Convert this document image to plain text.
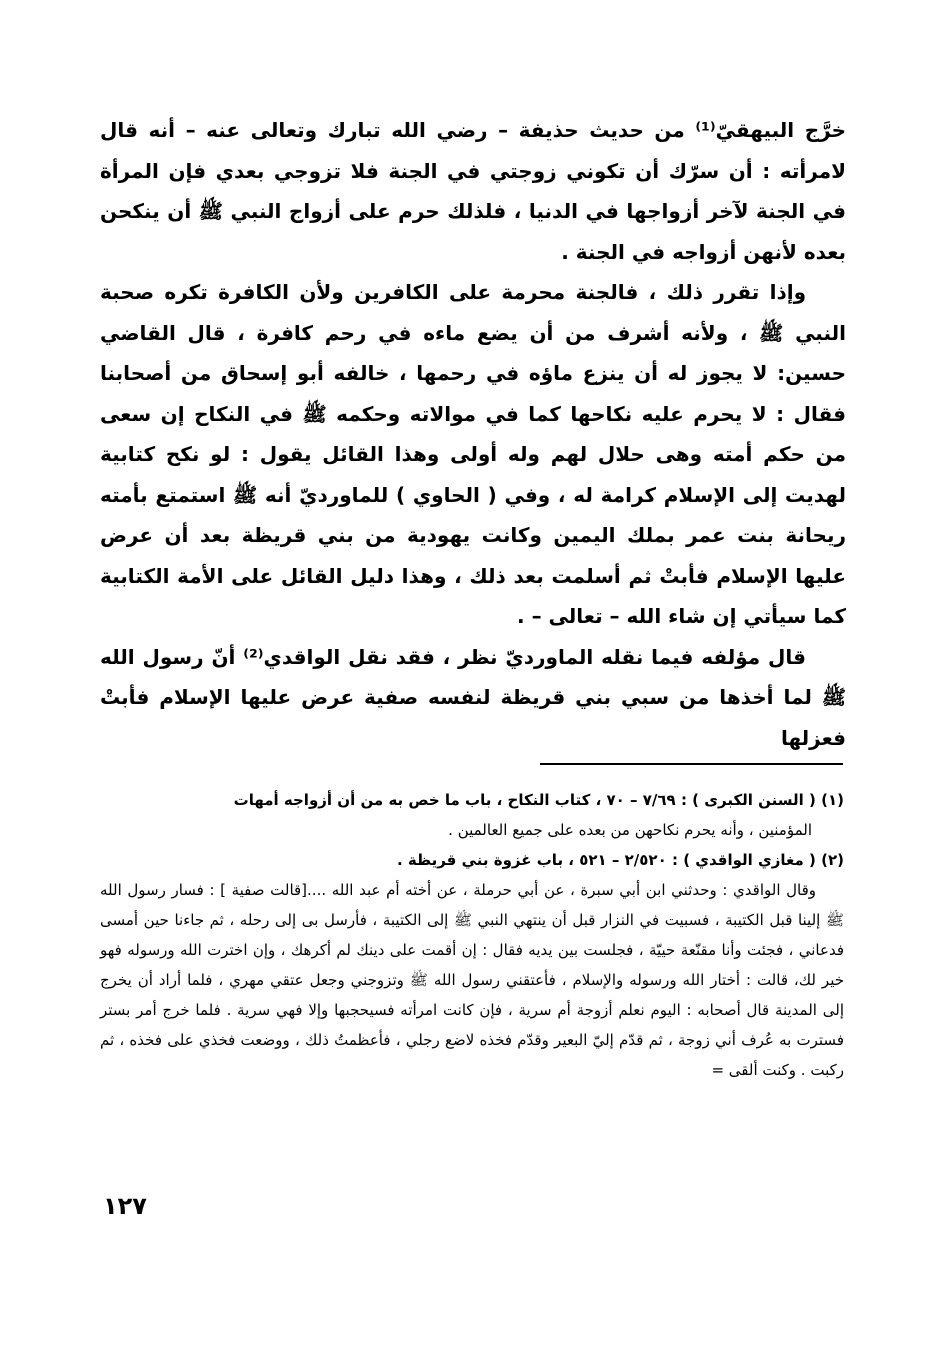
خرَّج البيهقيّ⁽¹⁾ من حديث حذيفة – رضي الله تبارك وتعالى عنه – أنه قال لامرأته : أن سرّك أن تكوني زوجتي في الجنة فلا تزوجي بعدي فإن المرأة في الجنة لآخر أزواجها في الدنيا ، فلذلك حرم على أزواج النبي ﷺ أن ينكحن بعده لأنهن أزواجه في الجنة .

وإذا تقرر ذلك ، فالجنة محرمة على الكافرين ولأن الكافرة تكره صحبة النبي ﷺ ، ولأنه أشرف من أن يضع ماءه في رحم كافرة ، قال القاضي حسين: لا يجوز له أن ينزع ماؤه في رحمها ، خالفه أبو إسحاق من أصحابنا فقال : لا يحرم عليه نكاحها كما في موالاته وحكمه ﷺ في النكاح إن سعى من حكم أمته وهى حلال لهم وله أولى وهذا القائل يقول : لو نكح كتابية لهديت إلى الإسلام كرامة له ، وفي ( الحاوي ) للماورديّ أنه ﷺ استمتع بأمته ريحانة بنت عمر بملك اليمين وكانت يهودية من بني قريظة بعد أن عرض عليها الإسلام فأبتْ ثم أسلمت بعد ذلك ، وهذا دليل القائل على الأمة الكتابية كما سيأتي إن شاء الله – تعالى – .

قال مؤلفه فيما نقله الماورديّ نظر ، فقد نقل الواقدي⁽²⁾ أنّ رسول الله ﷺ لما أخذها من سبي بني قريظة لنفسه صفية عرض عليها الإسلام فأبتْ فعزلها

(١) ( السنن الكبرى ) : ٧/٦٩ – ٧٠ ، كتاب النكاح ، باب ما خص به من أن أزواجه أمهات

المؤمنين ، وأنه يحرم نكاحهن من بعده على جميع العالمين .

(٢) ( مغازي الواقدي ) : ٢/٥٢٠ – ٥٢١ ، باب غزوة بني قريظة .

وقال الواقدي : وحدثني ابن أبي سبرة ، عن أبي حرملة ، عن أخته أم عبد الله ....[قالت صفية ] : فسار رسول الله ﷺ إلينا قبل الكتيبة ، فسبيت في النزار قبل أن ينتهي النبي ﷺ إلى الكتيبة ، فأرسل بى إلى رحله ، ثم جاءنا حين أمسى فدعاني ، فجئت وأنا مقنّعة حييّة ، فجلست بين يديه فقال : إن أقمت على دينك لم أكرهك ، وإن اخترت الله ورسوله فهو خير لك، قالت : أختار الله ورسوله والإسلام ، فأعتقني رسول الله ﷺ وتزوجني وجعل عتقي مهري ، فلما أراد أن يخرج إلى المدينة قال أصحابه : اليوم نعلم أزوجة أم سرية ، فإن كانت امرأته فسيحجبها وإلا فهي سرية . فلما خرج أمر بستر فسترت به عُرف أني زوجة ، ثم قدّم إليّ البعير وقدّم فخذه لاضع رجلي ، فأعظمتُ ذلك ، ووضعت فخذي على فخذه ، ثم ركبت . وكنت ألقى =

١٢٧
